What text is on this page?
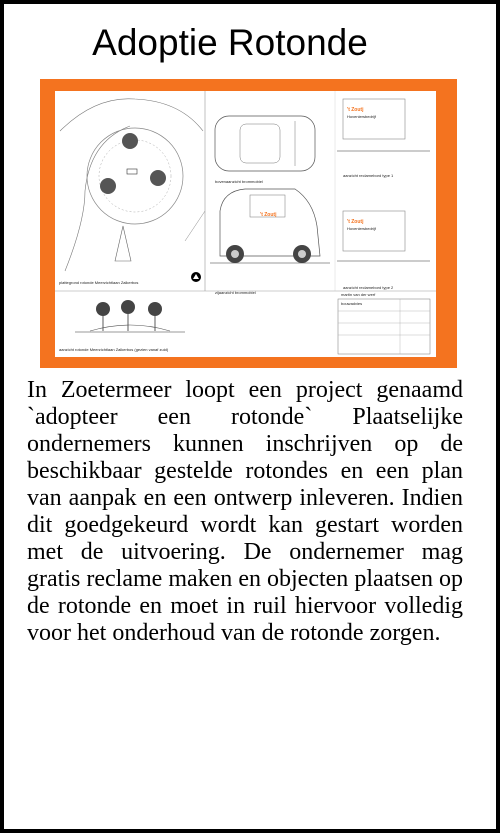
Adoptie Rotonde
plattegrond rotonde Meerzichtlaan Zalkerbos
bovenaanzicht brommobiel
't Zoutj
zijaanzicht brommobiel
't Zoutj
Hoveniersbedrijf
aanzicht reclamebord type 1
't Zoutj
Hoveniersbedrijf
aanzicht reclamebord type 2
aanzicht rotonde Meerzichtlaan Zalkerbos (gezien vanaf zuid)
martin van der werf
bouwadvies
In Zoetermeer loopt een project genaamd `adopteer een rotonde` Plaatselijke ondernemers kunnen inschrijven op de beschikbaar gestelde rotondes en een plan van aanpak en een ontwerp inleveren. Indien dit goedgekeurd wordt kan gestart worden met de uitvoering. De ondernemer mag gratis reclame maken en objecten plaatsen op de rotonde en moet in ruil hiervoor volledig voor het onderhoud van de rotonde zorgen.
